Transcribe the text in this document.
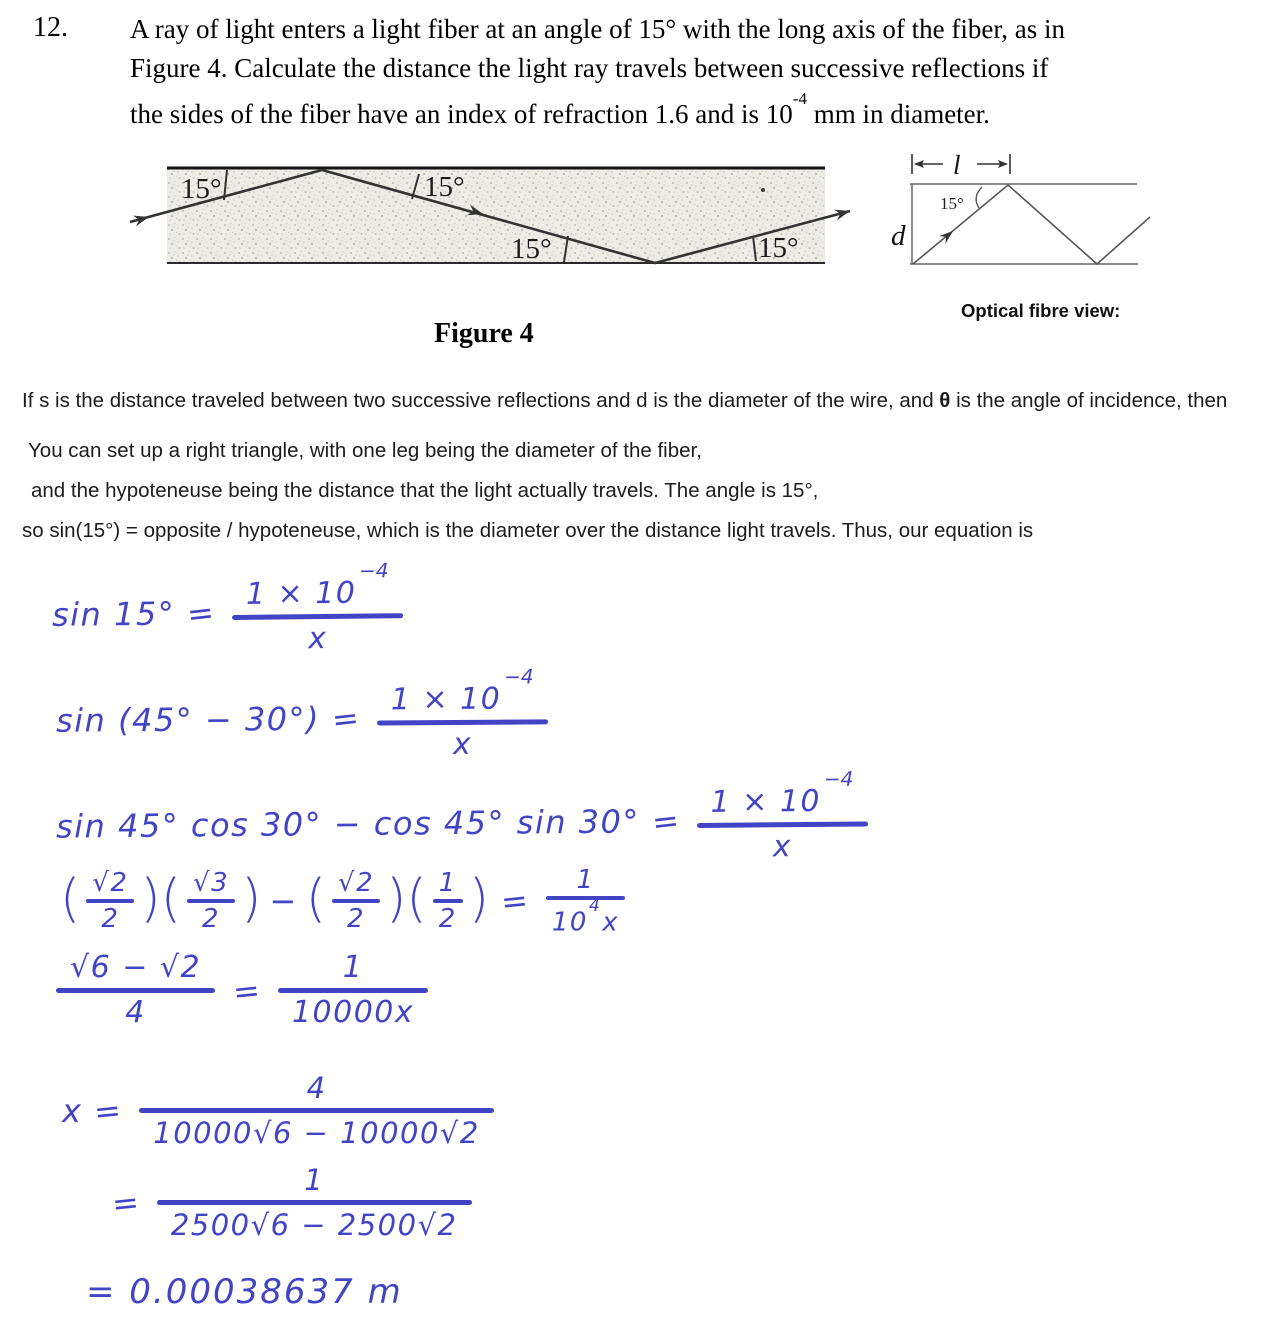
12. A ray of light enters a light fiber at an angle of 15° with the long axis of the fiber, as in
Figure 4. Calculate the distance the light ray travels between successive reflections if
the sides of the fiber have an index of refraction 1.6 and is $10^{-4}$ mm in diameter.
15°	15°
15°	15°
l
d
15°
Optical fibre view:
Figure 4
If s is the distance traveled between two successive reflections and d is the diameter of the wire, and θ is the angle of incidence, then
You can set up a right triangle, with one leg being the diameter of the fiber,
and the hypoteneuse being the distance that the light actually travels. The angle is 15°,
so sin(15°) = opposite / hypoteneuse, which is the diameter over the distance light travels. Thus, our equation is
$\sin 15^\circ = 1 \times 10^{-4}$
x
$\sin (45^\circ - 30^\circ) = 1 \times 10^{-4}$
x
sin 45° cos 30° − cos 45° $\sin 30^\circ = 1 \times 10^{-4}$
x
( $\frac{√2}{2}$ ) ( $\frac{√3}{2}$ ) − ( $\frac{√2}{2}$ ) ( $\frac{1}{2}$ ) = $\frac{1}{10^4x}$
√6 − √2
4
=
1
10000x
x =
4
10000√6 − 10000√2
=
1
2500√6 − 2500√2
= 0.00038637 m
